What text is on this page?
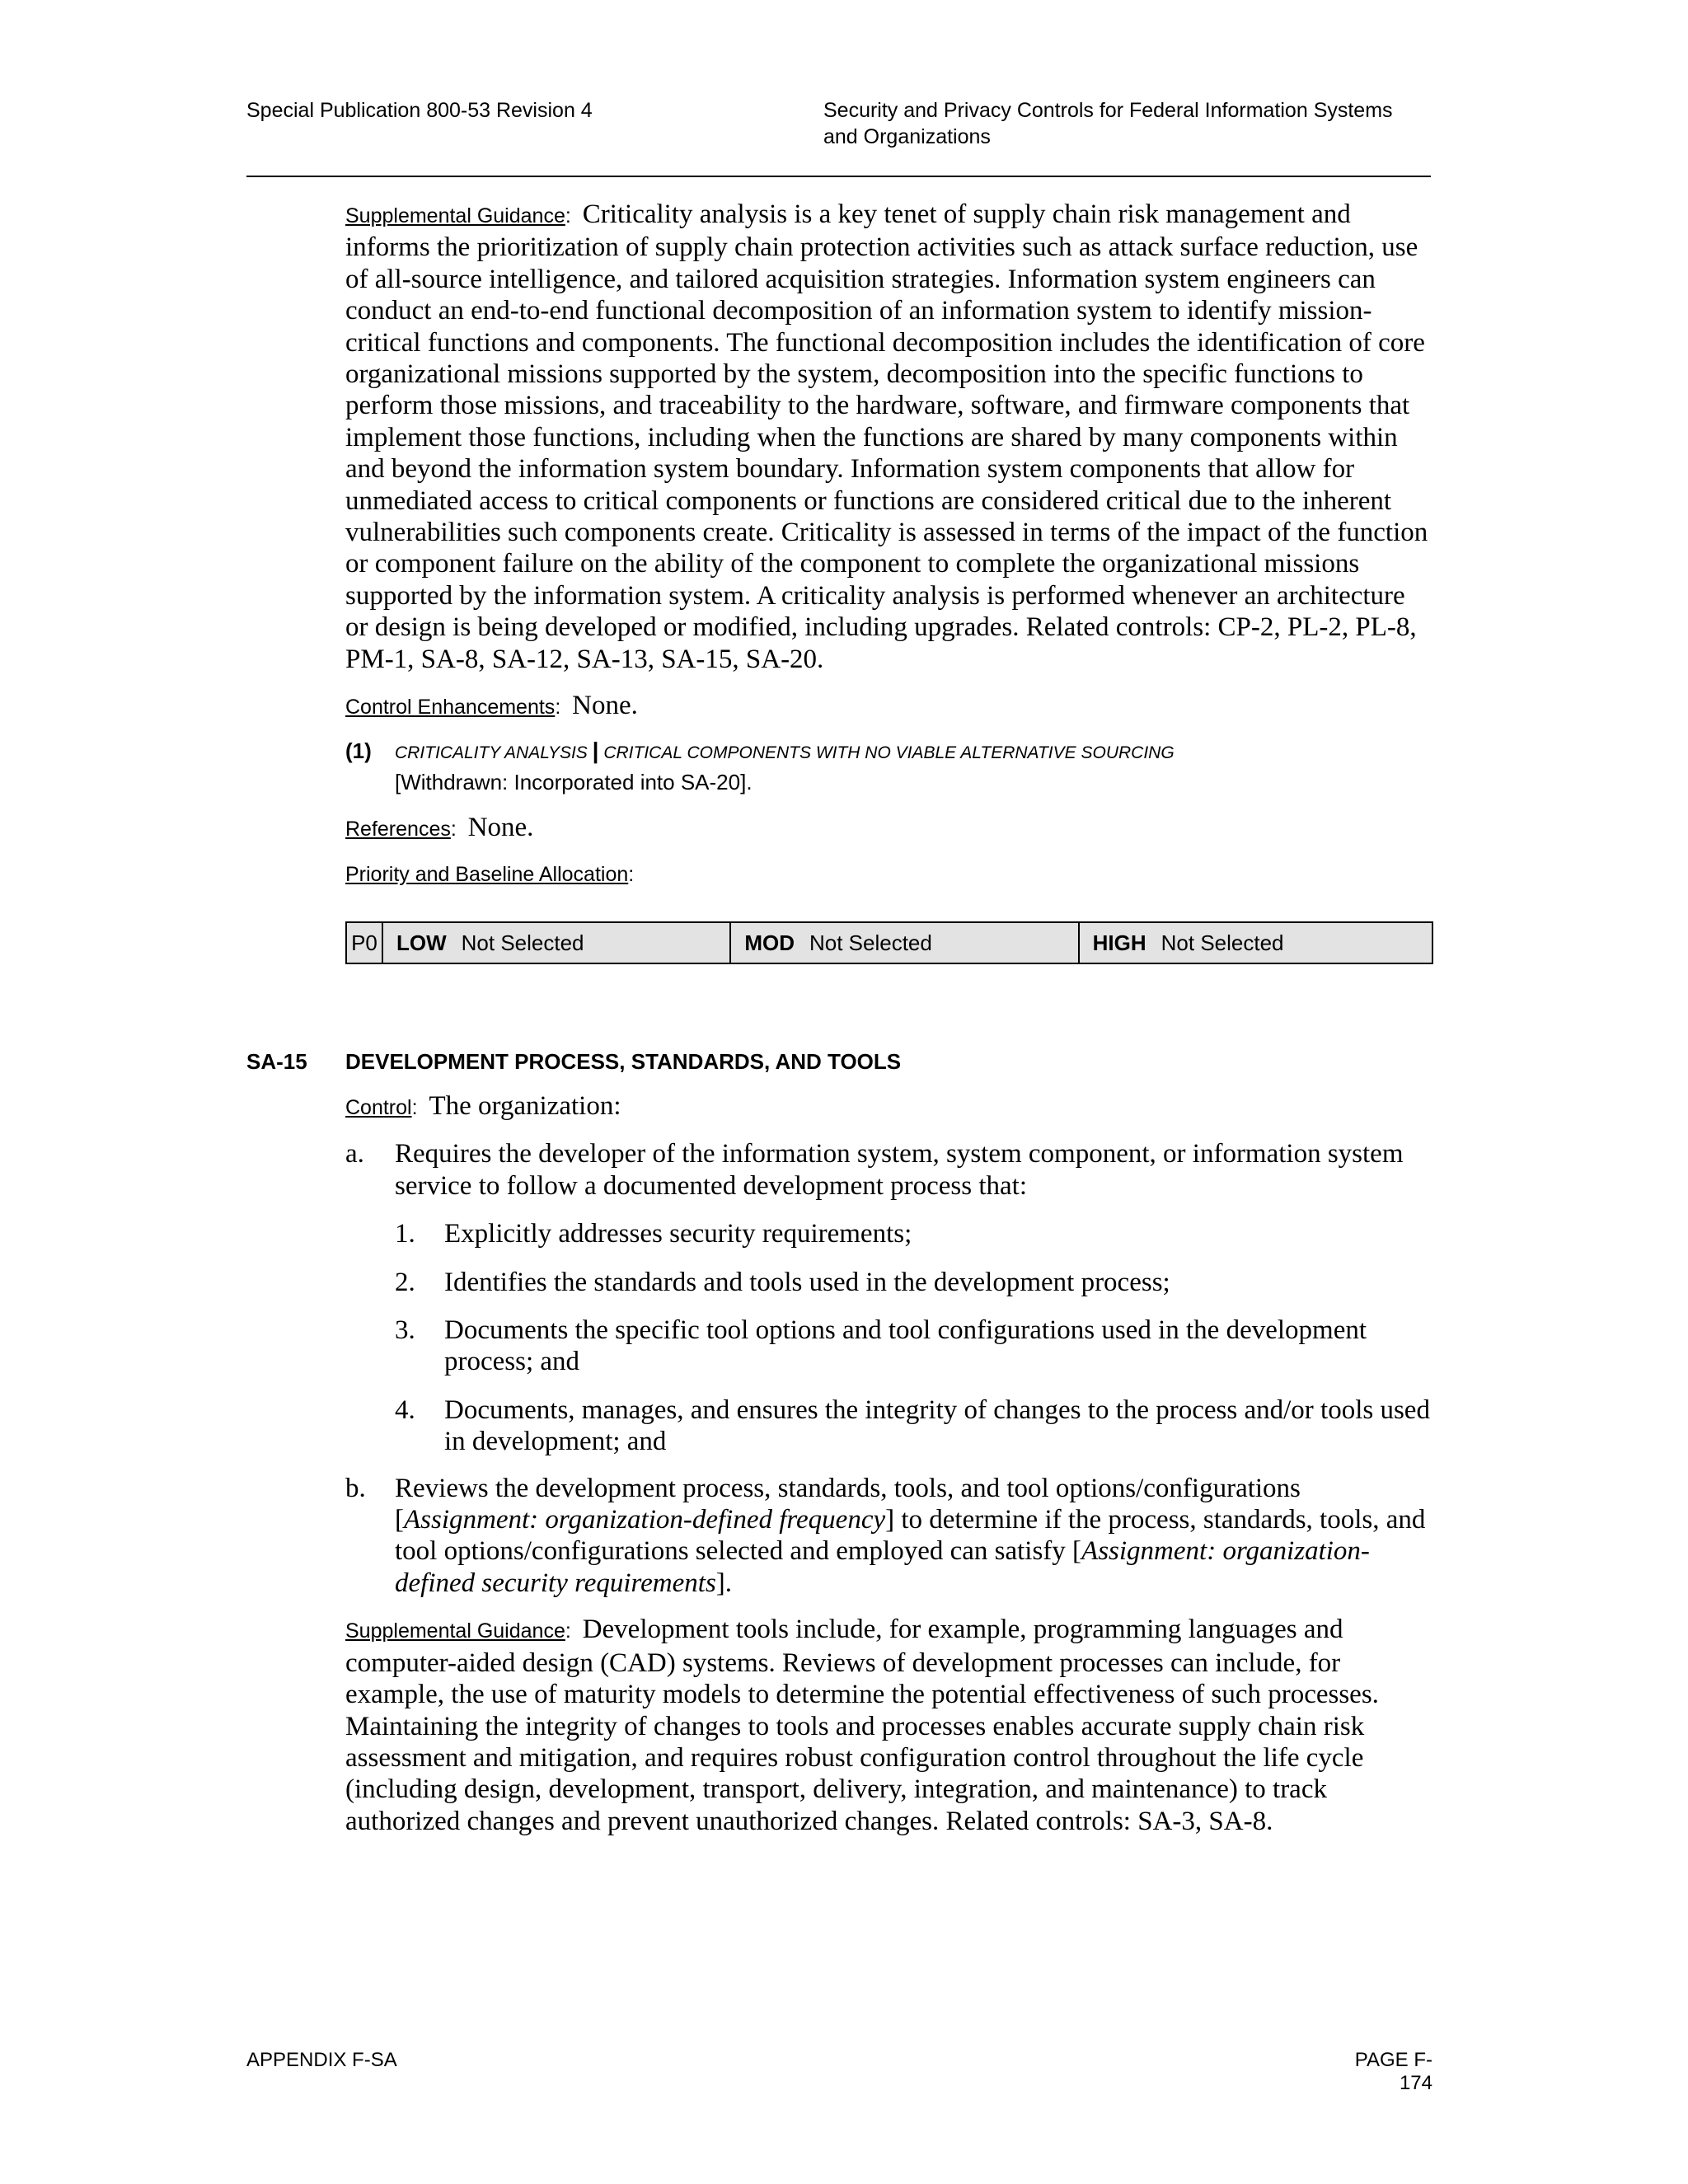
Special Publication 800-53 Revision 4	Security and Privacy Controls for Federal Information Systems
and Organizations

Supplemental Guidance:  Criticality analysis is a key tenet of supply chain risk management and informs the prioritization of supply chain protection activities such as attack surface reduction, use of all-source intelligence, and tailored acquisition strategies. Information system engineers can conduct an end-to-end functional decomposition of an information system to identify mission-critical functions and components. The functional decomposition includes the identification of core organizational missions supported by the system, decomposition into the specific functions to perform those missions, and traceability to the hardware, software, and firmware components that implement those functions, including when the functions are shared by many components within and beyond the information system boundary. Information system components that allow for unmediated access to critical components or functions are considered critical due to the inherent vulnerabilities such components create. Criticality is assessed in terms of the impact of the function or component failure on the ability of the component to complete the organizational missions supported by the information system. A criticality analysis is performed whenever an architecture or design is being developed or modified, including upgrades. Related controls: CP-2, PL-2, PL-8, PM-1, SA-8, SA-12, SA-13, SA-15, SA-20.

Control Enhancements:  None.

(1) CRITICALITY ANALYSIS | CRITICAL COMPONENTS WITH NO VIABLE ALTERNATIVE SOURCING
[Withdrawn: Incorporated into SA-20].

References:  None.

Priority and Baseline Allocation:

P0	LOW Not Selected	MOD Not Selected	HIGH Not Selected
SA-15 DEVELOPMENT PROCESS, STANDARDS, AND TOOLS

Control:  The organization:

a. Requires the developer of the information system, system component, or information system service to follow a documented development process that:
1. Explicitly addresses security requirements;
2. Identifies the standards and tools used in the development process;
3. Documents the specific tool options and tool configurations used in the development process; and
4. Documents, manages, and ensures the integrity of changes to the process and/or tools used in development; and
b. Reviews the development process, standards, tools, and tool options/configurations [Assignment: organization-defined frequency] to determine if the process, standards, tools, and tool options/configurations selected and employed can satisfy [Assignment: organization-defined security requirements].

Supplemental Guidance:  Development tools include, for example, programming languages and computer-aided design (CAD) systems. Reviews of development processes can include, for example, the use of maturity models to determine the potential effectiveness of such processes. Maintaining the integrity of changes to tools and processes enables accurate supply chain risk assessment and mitigation, and requires robust configuration control throughout the life cycle (including design, development, transport, delivery, integration, and maintenance) to track authorized changes and prevent unauthorized changes. Related controls: SA-3, SA-8.

APPENDIX F-SA	PAGE F-174
